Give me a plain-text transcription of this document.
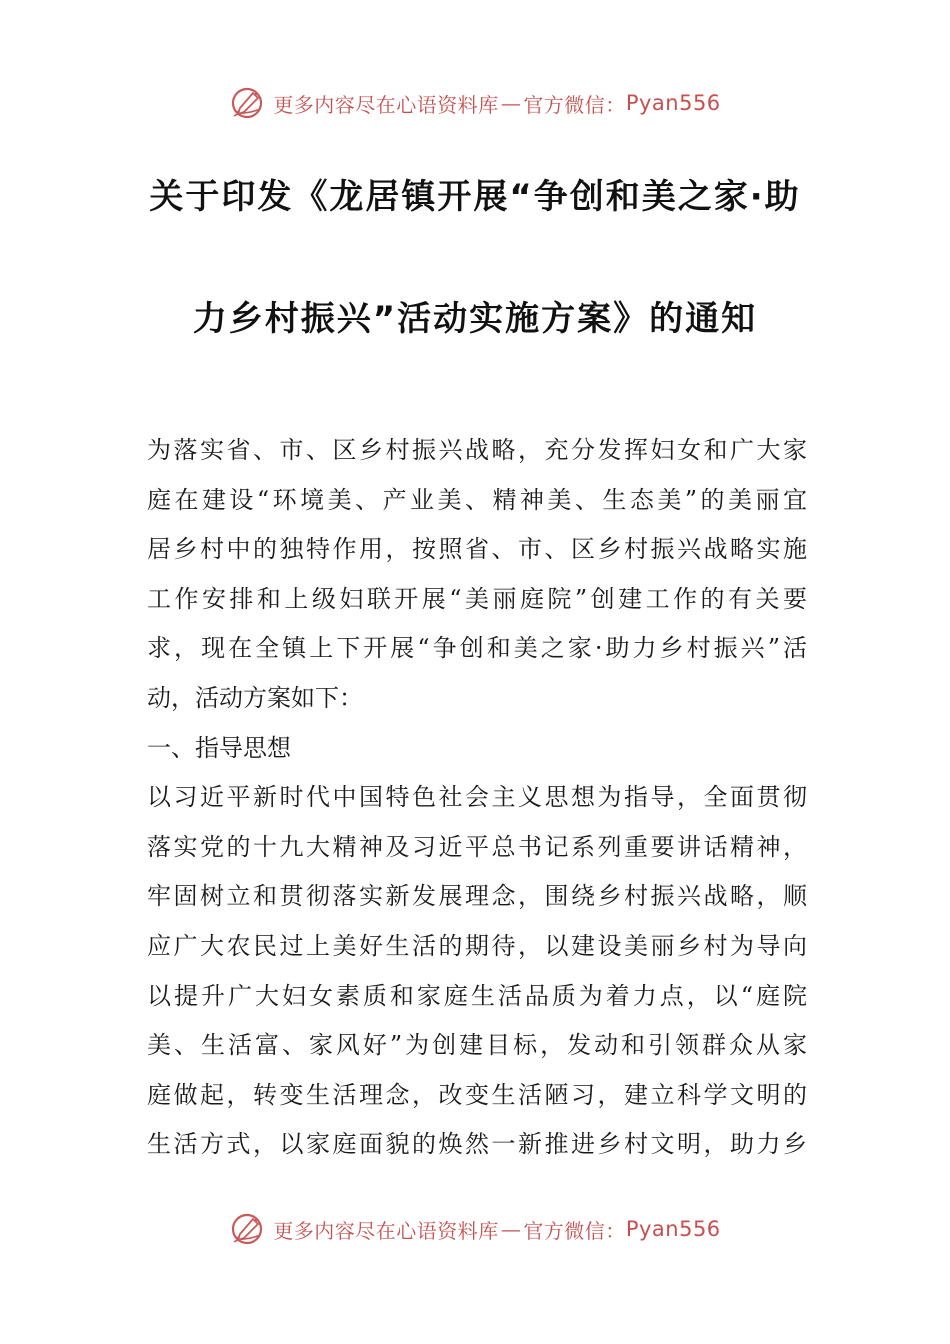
更多内容尽在心语资料库 — 官方微信： Pyan556
关于印发《龙居镇开展“争创和美之家·助
力乡村振兴”活动实施方案》的通知
为落实省、市、区乡村振兴战略，充分发挥妇女和广大家
庭在建设“环境美、产业美、精神美、生态美”的美丽宜
居乡村中的独特作用，按照省、市、区乡村振兴战略实施
工作安排和上级妇联开展“美丽庭院”创建工作的有关要
求，现在全镇上下开展“争创和美之家·助力乡村振兴”活
动，活动方案如下：
一、指导思想
以习近平新时代中国特色社会主义思想为指导，全面贯彻
落实党的十九大精神及习近平总书记系列重要讲话精神，
牢固树立和贯彻落实新发展理念，围绕乡村振兴战略，顺
应广大农民过上美好生活的期待，以建设美丽乡村为导向
以提升广大妇女素质和家庭生活品质为着力点，以“庭院
美、生活富、家风好”为创建目标，发动和引领群众从家
庭做起，转变生活理念，改变生活陋习，建立科学文明的
生活方式，以家庭面貌的焕然一新推进乡村文明，助力乡
更多内容尽在心语资料库 — 官方微信： Pyan556
